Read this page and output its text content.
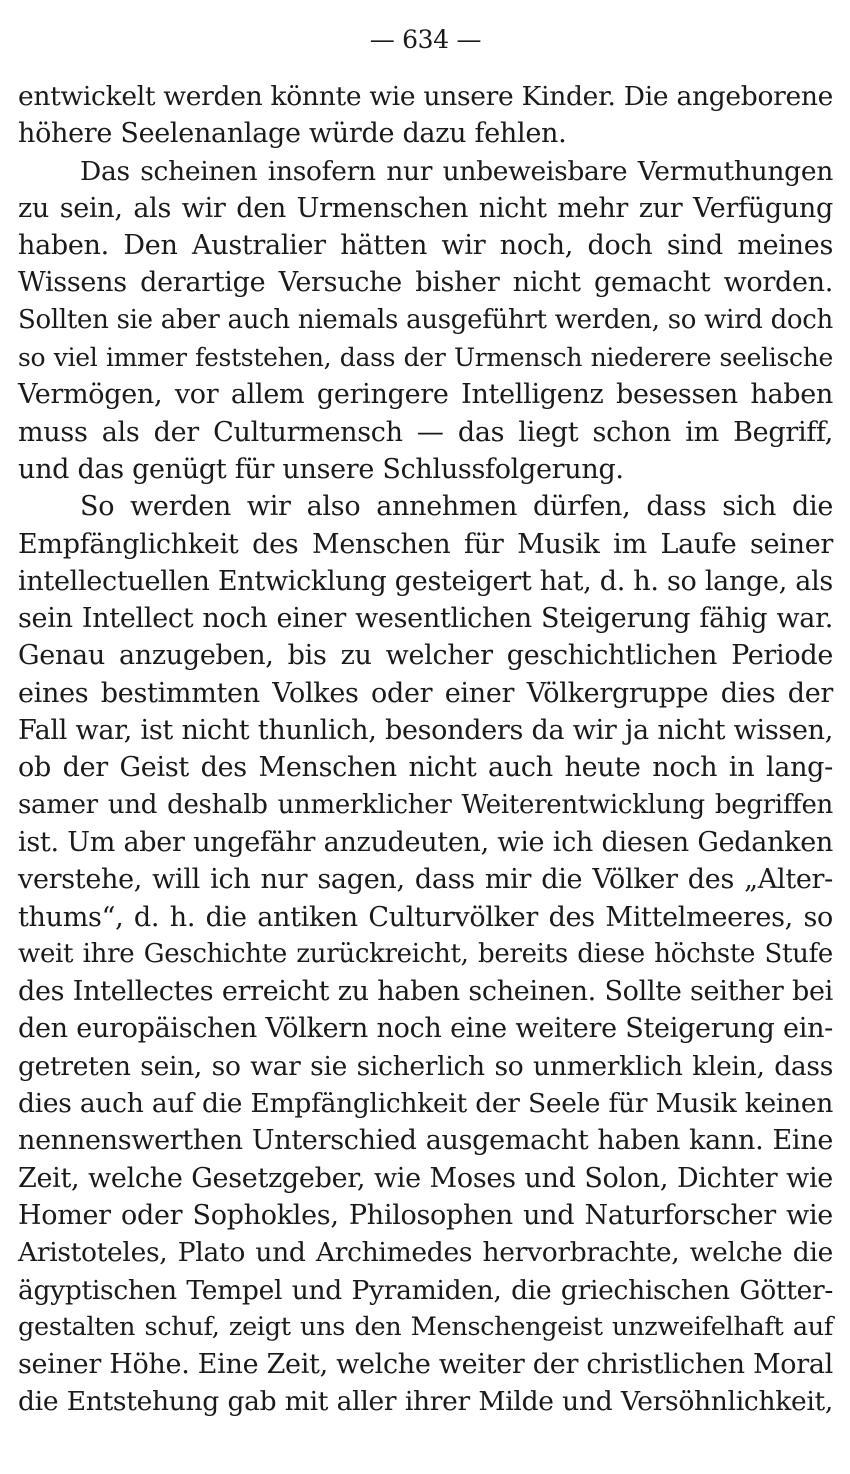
— 634 —
entwickelt werden könnte wie unsere Kinder. Die angeborene
höhere Seelenanlage würde dazu fehlen.
Das scheinen insofern nur unbeweisbare Vermuthungen
zu sein, als wir den Urmenschen nicht mehr zur Verfügung
haben. Den Australier hätten wir noch, doch sind meines
Wissens derartige Versuche bisher nicht gemacht worden.
Sollten sie aber auch niemals ausgeführt werden, so wird doch
so viel immer feststehen, dass der Urmensch niederere seelische
Vermögen, vor allem geringere Intelligenz besessen haben
muss als der Culturmensch — das liegt schon im Begriff,
und das genügt für unsere Schlussfolgerung.
So werden wir also annehmen dürfen, dass sich die
Empfänglichkeit des Menschen für Musik im Laufe seiner
intellectuellen Entwicklung gesteigert hat, d. h. so lange, als
sein Intellect noch einer wesentlichen Steigerung fähig war.
Genau anzugeben, bis zu welcher geschichtlichen Periode
eines bestimmten Volkes oder einer Völkergruppe dies der
Fall war, ist nicht thunlich, besonders da wir ja nicht wissen,
ob der Geist des Menschen nicht auch heute noch in lang-
samer und deshalb unmerklicher Weiterentwicklung begriffen
ist. Um aber ungefähr anzudeuten, wie ich diesen Gedanken
verstehe, will ich nur sagen, dass mir die Völker des „Alter-
thums“, d. h. die antiken Culturvölker des Mittelmeeres, so
weit ihre Geschichte zurückreicht, bereits diese höchste Stufe
des Intellectes erreicht zu haben scheinen. Sollte seither bei
den europäischen Völkern noch eine weitere Steigerung ein-
getreten sein, so war sie sicherlich so unmerklich klein, dass
dies auch auf die Empfänglichkeit der Seele für Musik keinen
nennenswerthen Unterschied ausgemacht haben kann. Eine
Zeit, welche Gesetzgeber, wie Moses und Solon, Dichter wie
Homer oder Sophokles, Philosophen und Naturforscher wie
Aristoteles, Plato und Archimedes hervorbrachte, welche die
ägyptischen Tempel und Pyramiden, die griechischen Götter-
gestalten schuf, zeigt uns den Menschengeist unzweifelhaft auf
seiner Höhe. Eine Zeit, welche weiter der christlichen Moral
die Entstehung gab mit aller ihrer Milde und Versöhnlichkeit,
